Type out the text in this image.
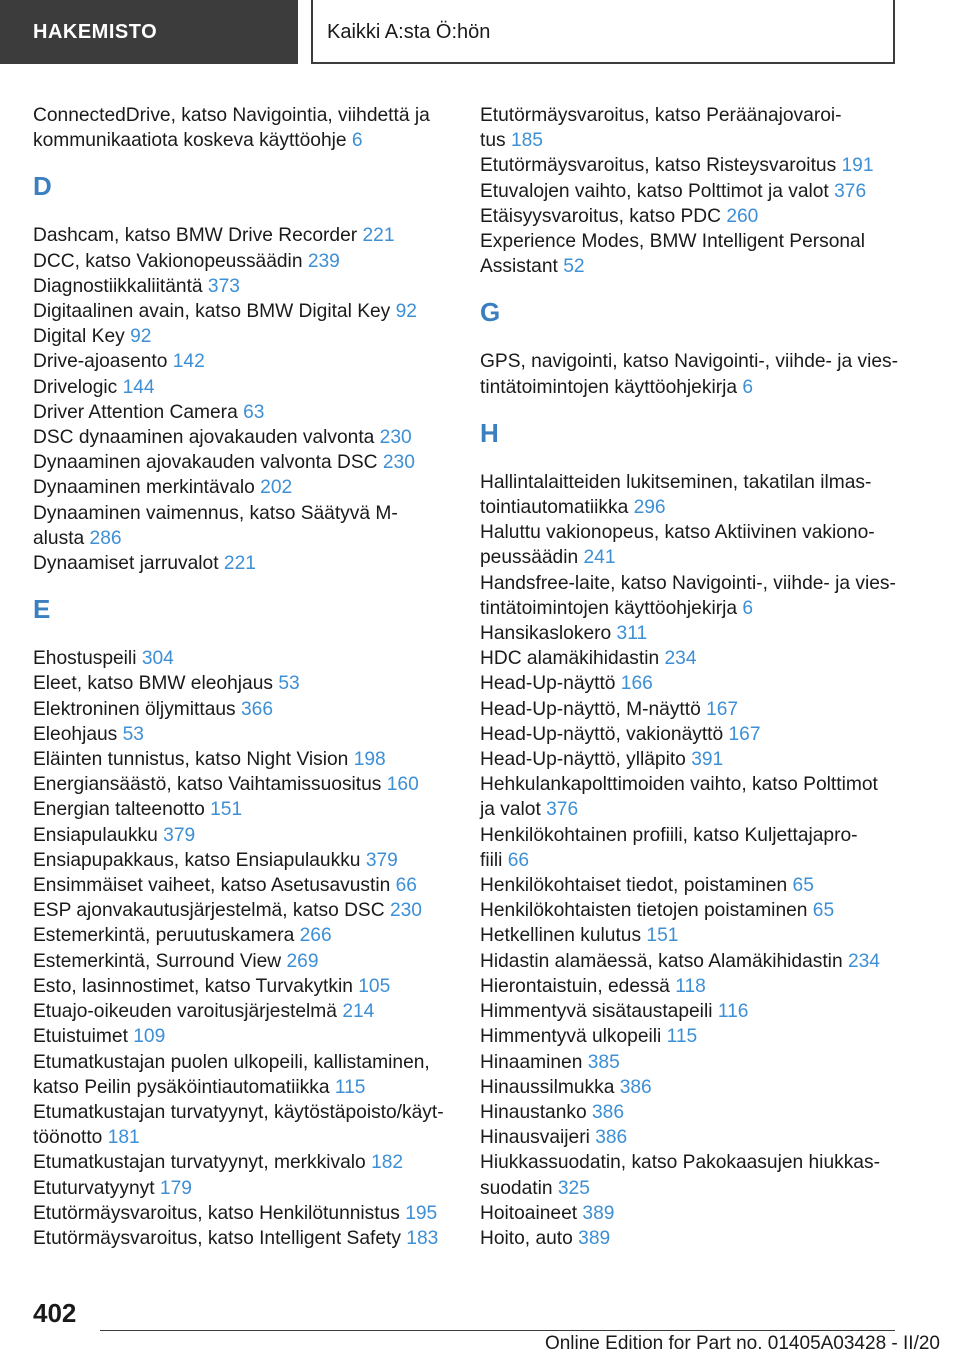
HAKEMISTO	Kaikki A:sta Ö:hön
ConnectedDrive, katso Navigointia, viihdettä ja
kommunikaatiota koskeva käyttöohje 6
D
Dashcam, katso BMW Drive Recorder 221
DCC, katso Vakionopeussäädin 239
Diagnostiikkaliitäntä 373
Digitaalinen avain, katso BMW Digital Key 92
Digital Key 92
Drive-ajoasento 142
Drivelogic 144
Driver Attention Camera 63
DSC dynaaminen ajovakauden valvonta 230
Dynaaminen ajovakauden valvonta DSC 230
Dynaaminen merkintävalo 202
Dynaaminen vaimennus, katso Säätyvä M-
alusta 286
Dynaamiset jarruvalot 221
E
Ehostuspeili 304
Eleet, katso BMW eleohjaus 53
Elektroninen öljymittaus 366
Eleohjaus 53
Eläinten tunnistus, katso Night Vision 198
Energiansäästö, katso Vaihtamissuositus 160
Energian talteenotto 151
Ensiapulaukku 379
Ensiapupakkaus, katso Ensiapulaukku 379
Ensimmäiset vaiheet, katso Asetusavustin 66
ESP ajonvakautusjärjestelmä, katso DSC 230
Estemerkintä, peruutuskamera 266
Estemerkintä, Surround View 269
Esto, lasinnostimet, katso Turvakytkin 105
Etuajo-oikeuden varoitusjärjestelmä 214
Etuistuimet 109
Etumatkustajan puolen ulkopeili, kallistaminen,
katso Peilin pysäköintiautomatiikka 115
Etumatkustajan turvatyynyt, käytöstäpoisto/käyt-
töönotto 181
Etumatkustajan turvatyynyt, merkkivalo 182
Etuturvatyynyt 179
Etutörmäysvaroitus, katso Henkilötunnistus 195
Etutörmäysvaroitus, katso Intelligent Safety 183
Etutörmäysvaroitus, katso Peräänajovaroi-
tus 185
Etutörmäysvaroitus, katso Risteysvaroitus 191
Etuvalojen vaihto, katso Polttimot ja valot 376
Etäisyysvaroitus, katso PDC 260
Experience Modes, BMW Intelligent Personal
Assistant 52
G
GPS, navigointi, katso Navigointi-, viihde- ja vies-
tintätoimintojen käyttöohjekirja 6
H
Hallintalaitteiden lukitseminen, takatilan ilmas-
tointiautomatiikka 296
Haluttu vakionopeus, katso Aktiivinen vakiono-
peussäädin 241
Handsfree-laite, katso Navigointi-, viihde- ja vies-
tintätoimintojen käyttöohjekirja 6
Hansikaslokero 311
HDC alamäkihidastin 234
Head-Up-näyttö 166
Head-Up-näyttö, M-näyttö 167
Head-Up-näyttö, vakionäyttö 167
Head-Up-näyttö, ylläpito 391
Hehkulankapolttimoiden vaihto, katso Polttimot
ja valot 376
Henkilökohtainen profiili, katso Kuljettajapro-
fiili 66
Henkilökohtaiset tiedot, poistaminen 65
Henkilökohtaisten tietojen poistaminen 65
Hetkellinen kulutus 151
Hidastin alamäessä, katso Alamäkihidastin 234
Hierontaistuin, edessä 118
Himmentyvä sisätaustapeili 116
Himmentyvä ulkopeili 115
Hinaaminen 385
Hinaussilmukka 386
Hinaustanko 386
Hinausvaijeri 386
Hiukkassuodatin, katso Pakokaasujen hiukkas-
suodatin 325
Hoitoaineet 389
Hoito, auto 389
402
Online Edition for Part no. 01405A03428 - II/20
